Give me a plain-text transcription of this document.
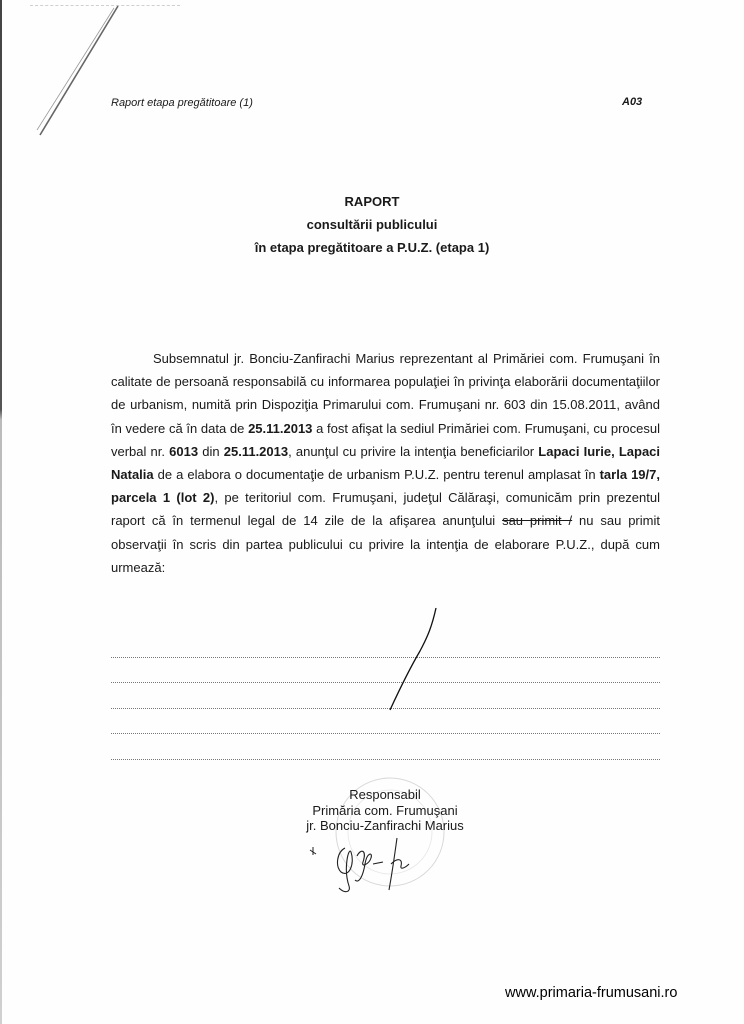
Raport etapa pregătitoare (1)	A03
RAPORT
consultării publicului
în etapa pregătitoare a P.U.Z. (etapa 1)

Subsemnatul jr. Bonciu-Zanfirachi Marius reprezentant al Primăriei com. Frumuşani în calitate de persoană responsabilă cu informarea populaţiei în privinţa elaborării documentaţiilor de urbanism, numită prin Dispoziţia Primarului com. Frumuşani nr. 603 din 15.08.2011, având în vedere că în data de 25.11.2013 a fost afişat la sediul Primăriei com. Frumuşani, cu procesul verbal nr. 6013 din 25.11.2013, anunţul cu privire la intenţia beneficiarilor Lapaci Iurie, Lapaci Natalia de a elabora o documentaţie de urbanism P.U.Z. pentru terenul amplasat în tarla 19/7, parcela 1 (lot 2), pe teritoriul com. Frumuşani, judeţul Călăraşi, comunicăm prin prezentul raport că în termenul legal de 14 zile de la afişarea anunţului sau primit / nu sau primit observaţii în scris din partea publicului cu privire la intenţia de elaborare P.U.Z., după cum urmează:

Responsabil
Primăria com. Frumuşani
jr. Bonciu-Zanfirachi Marius
www.primaria-frumusani.ro
